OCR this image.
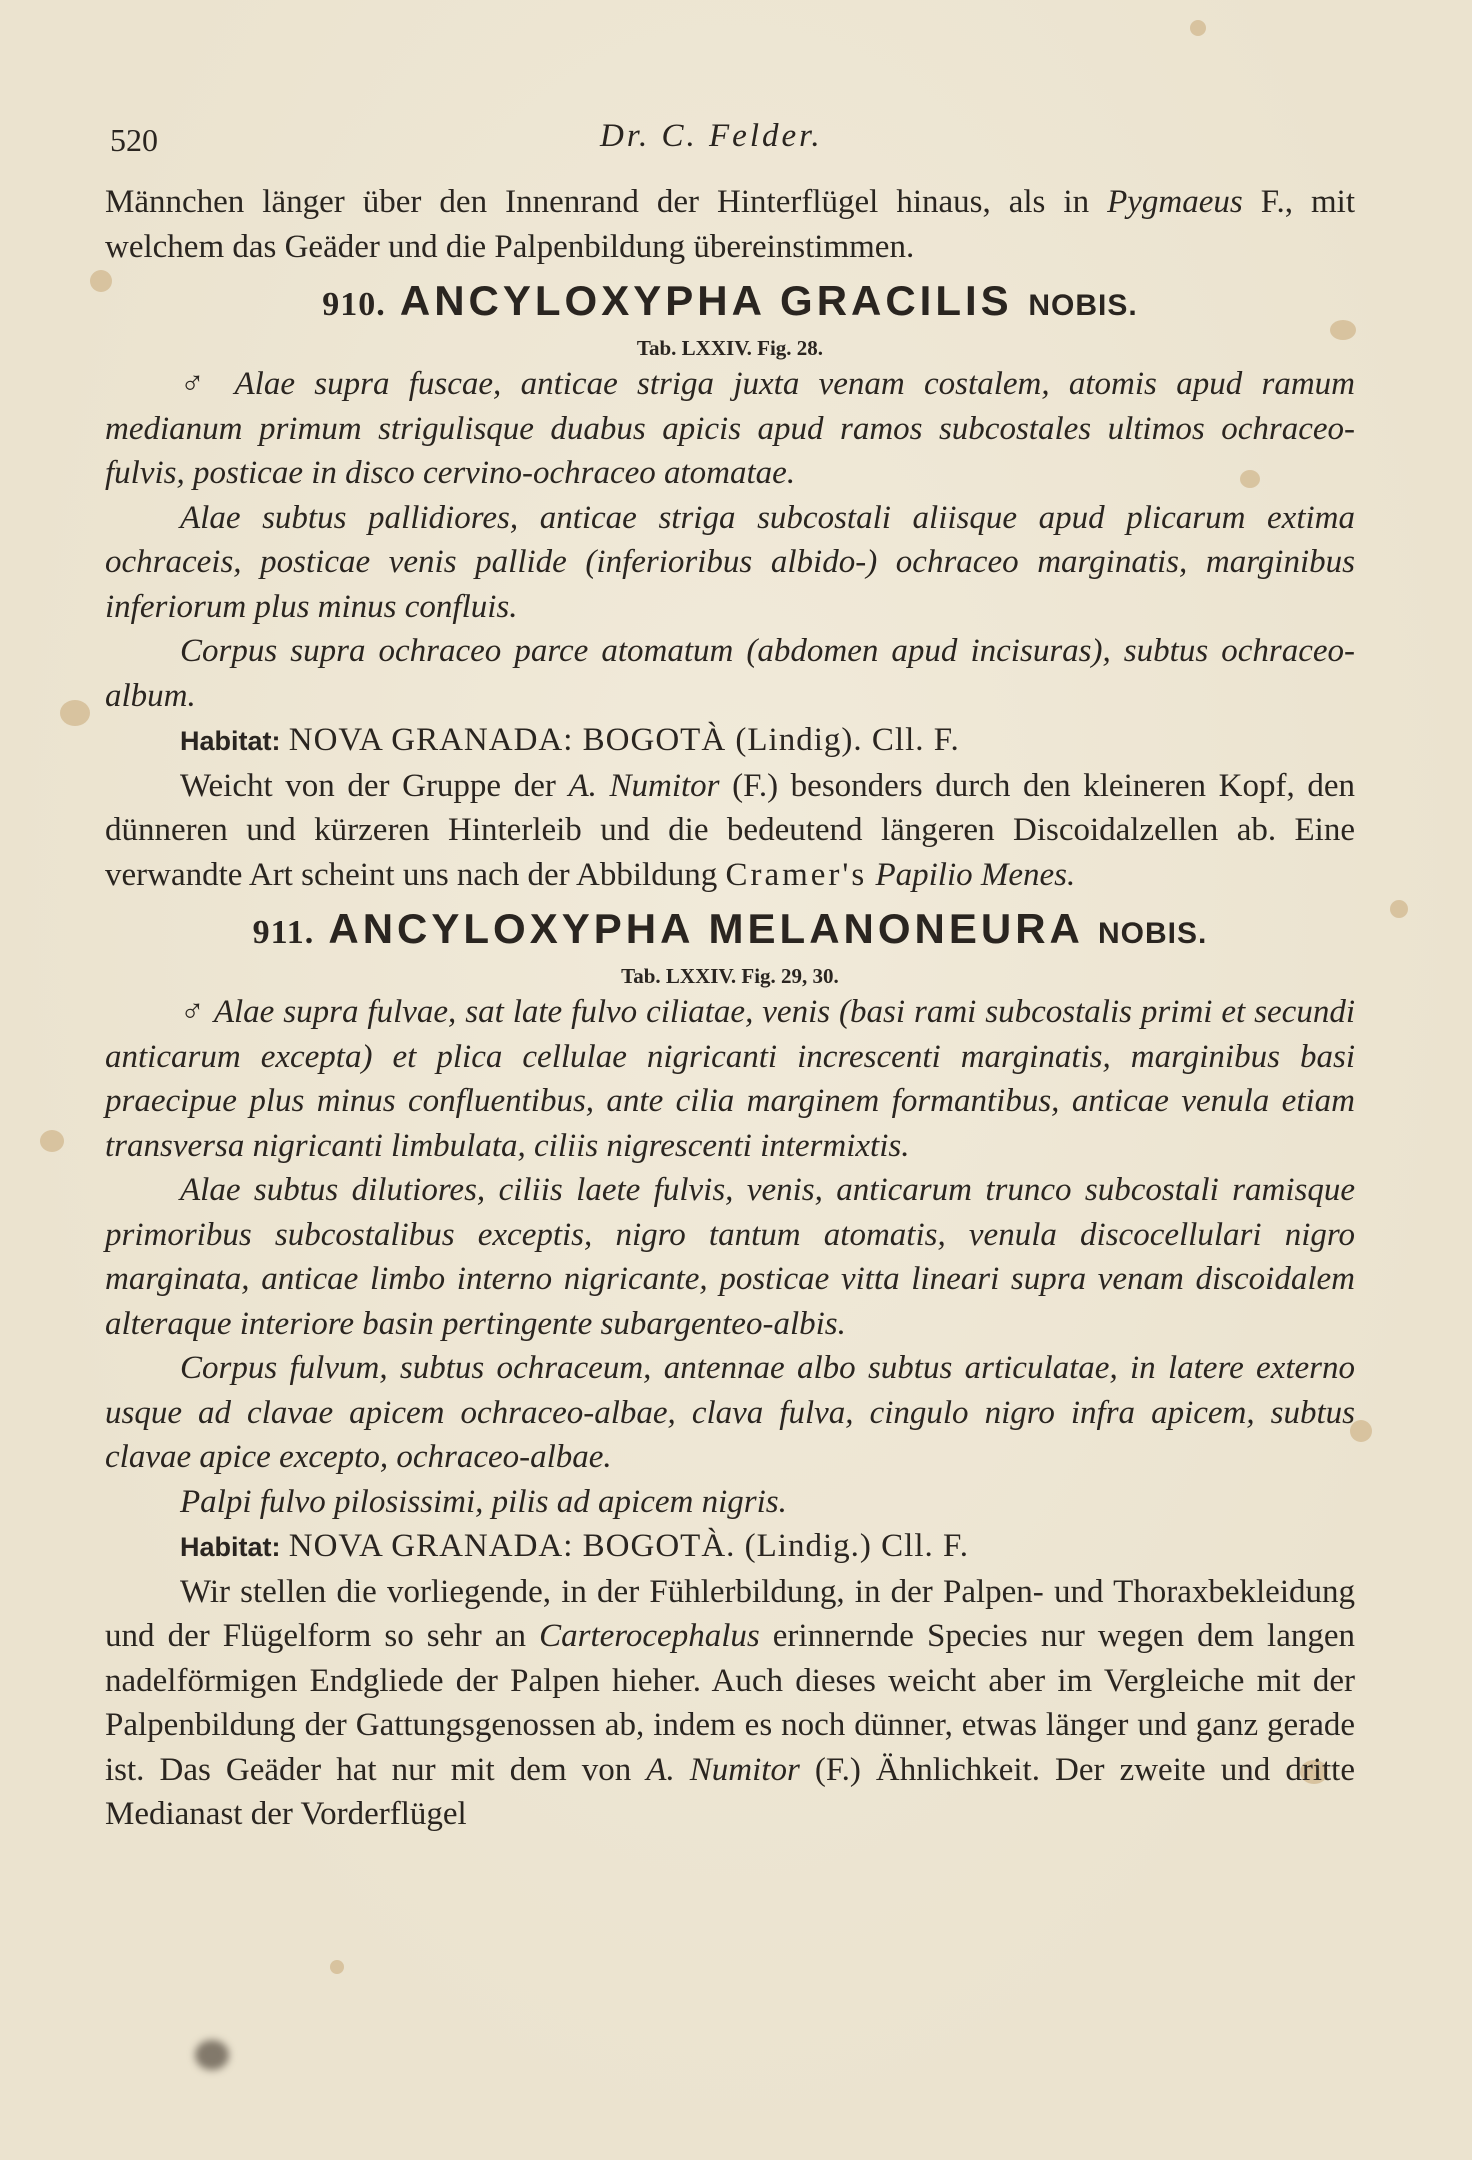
520	Dr. C. Felder.

Männchen länger über den Innenrand der Hinterflügel hinaus, als in Pygmaeus F., mit welchem das Geäder und die Palpenbildung übereinstimmen.

910. ANCYLOXYPHA GRACILIS NOBIS.

Tab. LXXIV. Fig. 28.

♂ Alae supra fuscae, anticae striga juxta venam costalem, atomis apud ramum medianum primum strigulisque duabus apicis apud ramos subcostales ultimos ochraceo-fulvis, posticae in disco cervino-ochraceo atomatae.

Alae subtus pallidiores, anticae striga subcostali aliisque apud plicarum extima ochraceis, posticae venis pallide (inferioribus albido-) ochraceo marginatis, marginibus inferiorum plus minus confluis.

Corpus supra ochraceo parce atomatum (abdomen apud incisuras), subtus ochraceo-album.

Habitat: NOVA GRANADA: BOGOTÀ (Lindig). Cll. F.

Weicht von der Gruppe der A. Numitor (F.) besonders durch den kleineren Kopf, den dünneren und kürzeren Hinterleib und die bedeutend längeren Discoidalzellen ab. Eine verwandte Art scheint uns nach der Abbildung Cramer's Papilio Menes.

911. ANCYLOXYPHA MELANONEURA NOBIS.

Tab. LXXIV. Fig. 29, 30.

♂ Alae supra fulvae, sat late fulvo ciliatae, venis (basi rami subcostalis primi et secundi anticarum excepta) et plica cellulae nigricanti increscenti marginatis, marginibus basi praecipue plus minus confluentibus, ante cilia marginem formantibus, anticae venula etiam transversa nigricanti limbulata, ciliis nigrescenti intermixtis.

Alae subtus dilutiores, ciliis laete fulvis, venis, anticarum trunco subcostali ramisque primoribus subcostalibus exceptis, nigro tantum atomatis, venula discocellulari nigro marginata, anticae limbo interno nigricante, posticae vitta lineari supra venam discoidalem alteraque interiore basin pertingente subargenteo-albis.

Corpus fulvum, subtus ochraceum, antennae albo subtus articulatae, in latere externo usque ad clavae apicem ochraceo-albae, clava fulva, cingulo nigro infra apicem, subtus clavae apice excepto, ochraceo-albae.

Palpi fulvo pilosissimi, pilis ad apicem nigris.

Habitat: NOVA GRANADA: BOGOTÀ. (Lindig.) Cll. F.

Wir stellen die vorliegende, in der Fühlerbildung, in der Palpen- und Thoraxbekleidung und der Flügelform so sehr an Carterocephalus erinnernde Species nur wegen dem langen nadelförmigen Endgliede der Palpen hieher. Auch dieses weicht aber im Vergleiche mit der Palpenbildung der Gattungsgenossen ab, indem es noch dünner, etwas länger und ganz gerade ist. Das Geäder hat nur mit dem von A. Numitor (F.) Ähnlichkeit. Der zweite und dritte Medianast der Vorderflügel
